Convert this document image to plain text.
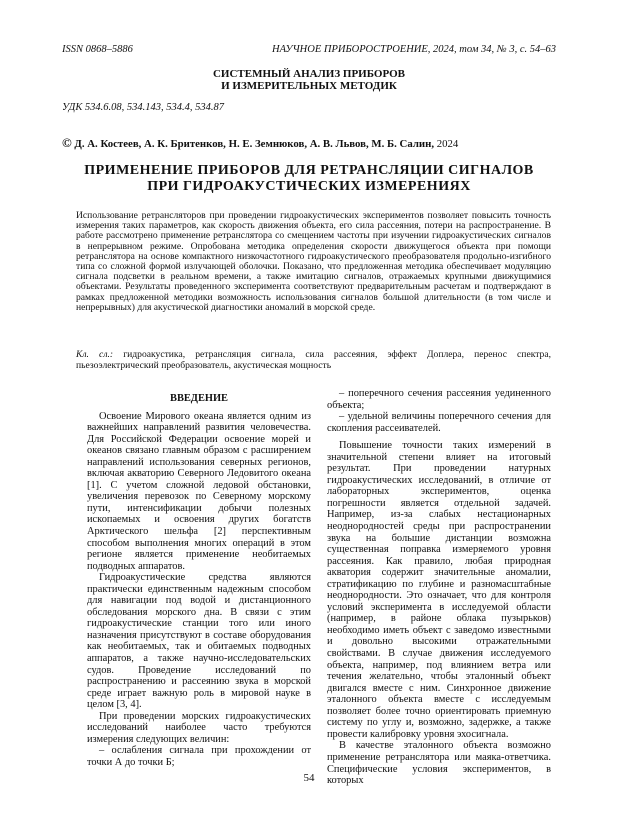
ISSN 0868–5886	НАУЧНОЕ ПРИБОРОСТРОЕНИЕ, 2024, том 34, № 3, c. 54–63
СИСТЕМНЫЙ АНАЛИЗ ПРИБОРОВ
И ИЗМЕРИТЕЛЬНЫХ МЕТОДИК
УДК 534.6.08, 534.143, 534.4, 534.87
© Д. А. Костеев, А. К. Бритенков, Н. Е. Земнюков, А. В. Львов, М. Б. Салин, 2024
ПРИМЕНЕНИЕ ПРИБОРОВ ДЛЯ РЕТРАНСЛЯЦИИ СИГНАЛОВ
ПРИ ГИДРОАКУСТИЧЕСКИХ ИЗМЕРЕНИЯХ
Использование ретрансляторов при проведении гидроакустических экспериментов позволяет повысить точность измерения таких параметров, как скорость движения объекта, его сила рассеяния, потери на распространение. В работе рассмотрено применение ретранслятора со смещением частоты при изучении гидроакустических сигналов в непрерывном режиме. Опробована методика определения скорости движущегося объекта при помощи ретранслятора на основе компактного низкочастотного гидроакустического преобразователя продольно-изгибного типа со сложной формой излучающей оболочки. Показано, что предложенная методика обеспечивает модуляцию сигнала подсветки в реальном времени, а также имитацию сигналов, отражаемых крупными движущимися объектами. Результаты проведенного эксперимента соответствуют предварительным расчетам и подтверждают в рамках предложенной методики возможность использования сигналов большой длительности (в том числе и непрерывных) для акустической диагностики аномалий в морской среде.
Кл. сл.: гидроакустика, ретрансляция сигнала, сила рассеяния, эффект Доплера, перенос спектра, пьезоэлектрический преобразователь, акустическая мощность
ВВЕДЕНИЕ

Освоение Мирового океана является одним из важнейших направлений развития человечества. Для Российской Федерации освоение морей и океанов связано главным образом с расширением направлений использования северных регионов, включая акваторию Северного Ледовитого океана [1]. С учетом сложной ледовой обстановки, увеличения перевозок по Северному морскому пути, интенсификации добычи полезных ископаемых и освоения других богатств Арктического шельфа [2] перспективным способом выполнения многих операций в этом регионе является применение необитаемых подводных аппаратов.

Гидроакустические средства являются практически единственным надежным способом для навигации под водой и дистанционного обследования морского дна. В связи с этим гидроакустические станции того или иного назначения присутствуют в составе оборудования как необитаемых, так и обитаемых подводных аппаратов, а также научно-исследовательских судов. Проведение исследований по распространению и рассеянию звука в морской среде играет важную роль в мировой науке в целом [3, 4].

При проведении морских гидроакустических исследований наиболее часто требуются измерения следующих величин:

– ослабления сигнала при прохождении от точки А до точки Б;

– поперечного сечения рассеяния уединенного объекта;

– удельной величины поперечного сечения для скопления рассеивателей.

Повышение точности таких измерений в значительной степени влияет на итоговый результат. При проведении натурных гидроакустических исследований, в отличие от лабораторных экспериментов, оценка погрешности является отдельной задачей. Например, из-за слабых нестационарных неоднородностей среды при распространении звука на большие дистанции возможна существенная поправка измеряемого уровня рассеяния. Как правило, любая природная акватория содержит значительные аномалии, стратификацию по глубине и разномасштабные неоднородности. Это означает, что для контроля условий эксперимента в исследуемой области (например, в районе облака пузырьков) необходимо иметь объект с заведомо известными и довольно высокими отражательными свойствами. В случае движения исследуемого объекта, например, под влиянием ветра или течения желательно, чтобы эталонный объект двигался вместе с ним. Синхронное движение эталонного объекта вместе с исследуемым позволяет более точно ориентировать приемную систему по углу и, возможно, задержке, а также провести калибровку уровня эхосигнала.

В качестве эталонного объекта возможно применение ретранслятора или маяка-ответчика. Специфические условия экспериментов, в которых

54
